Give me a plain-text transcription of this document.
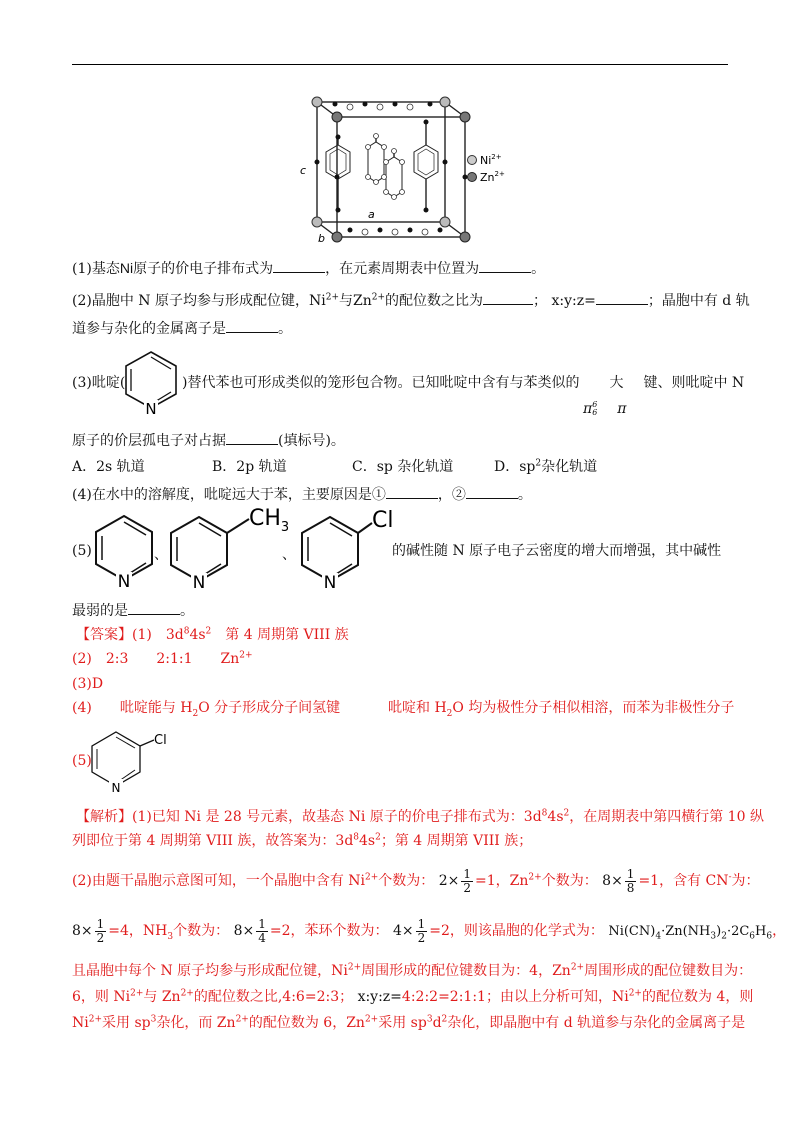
c
a
b
$Ni^{2+}$
$Zn^{2+}$
(1)基态Ni原子的价电子排布式为	，在元素周期表中位置为	。
(2)晶胞中 N 原子均参与形成配位键，$Ni^{2+}$与$Zn^{2+}$的配位数之比为	； x:y:z=	；晶胞中有 d 轨
道参与杂化的金属离子是	。
(3)吡啶(
N
)替代苯也可形成类似的笼形包合物。已知吡啶中含有与苯类似的 大 键、则吡啶中 N
π 6
6 π
原子的价层孤电子对占据	(填标号)。
A．2s 轨道	B．2p 轨道	C．sp 杂化轨道	D．$sp^2$杂化轨道
(4)在水中的溶解度，吡啶远大于苯，主要原因是①	，②	。
(5)
N
、
N
$CH_3$
、
N
Cl
的碱性随 N 原子电子云密度的增大而增强，其中碱性
最弱的是	。
【答案】(1)　$3d^84s^2$　第 4 周期第 VIII 族
(2)　2:3　　2:1:1　　$Zn^{2+}$
(3)D
(4)　　吡啶能与 $H_2O$ 分子形成分子间氢键	吡啶和 $H_2O$ 均为极性分子相似相溶，而苯为非极性分子
(5)
N
Cl
【解析】(1)已知 Ni 是 28 号元素，故基态 Ni 原子的价电子排布式为：$3d^84s^2$，在周期表中第四横行第 10 纵
列即位于第 4 周期第 VIII 族，故答案为：$3d^84s^2$；第 4 周期第 VIII 族；
(2)由题干晶胞示意图可知，一个晶胞中含有 $Ni^{2+}$个数为： $2\times \frac{1}{2} =1$，$Zn^{2+}$个数为： $8\times \frac{1}{8} =1$，含有 CN-为：
$8\times \frac{1}{2} =4$，$NH_3$个数为： $8\times \frac{1}{4} =2$，苯环个数为： $4\times \frac{1}{2} =2$，则该晶胞的化学式为： $Ni(CN)_4\cdot Zn(NH_3)_2\cdot 2C_6H_6$，
且晶胞中每个 N 原子均参与形成配位键，$Ni^{2+}$周围形成的配位键数目为：4，$Zn^{2+}$周围形成的配位键数目为：
6，则 $Ni^{2+}$与 $Zn^{2+}$的配位数之比,4:6=2:3； x:y:z=4:2:2=2:1:1；由以上分析可知，$Ni^{2+}$的配位数为 4，则
$Ni^{2+}$采用 $sp^3$杂化，而 $Zn^{2+}$的配位数为 6，$Zn^{2+}$采用 $sp^3d^2$杂化，即晶胞中有 d 轨道参与杂化的金属离子是
